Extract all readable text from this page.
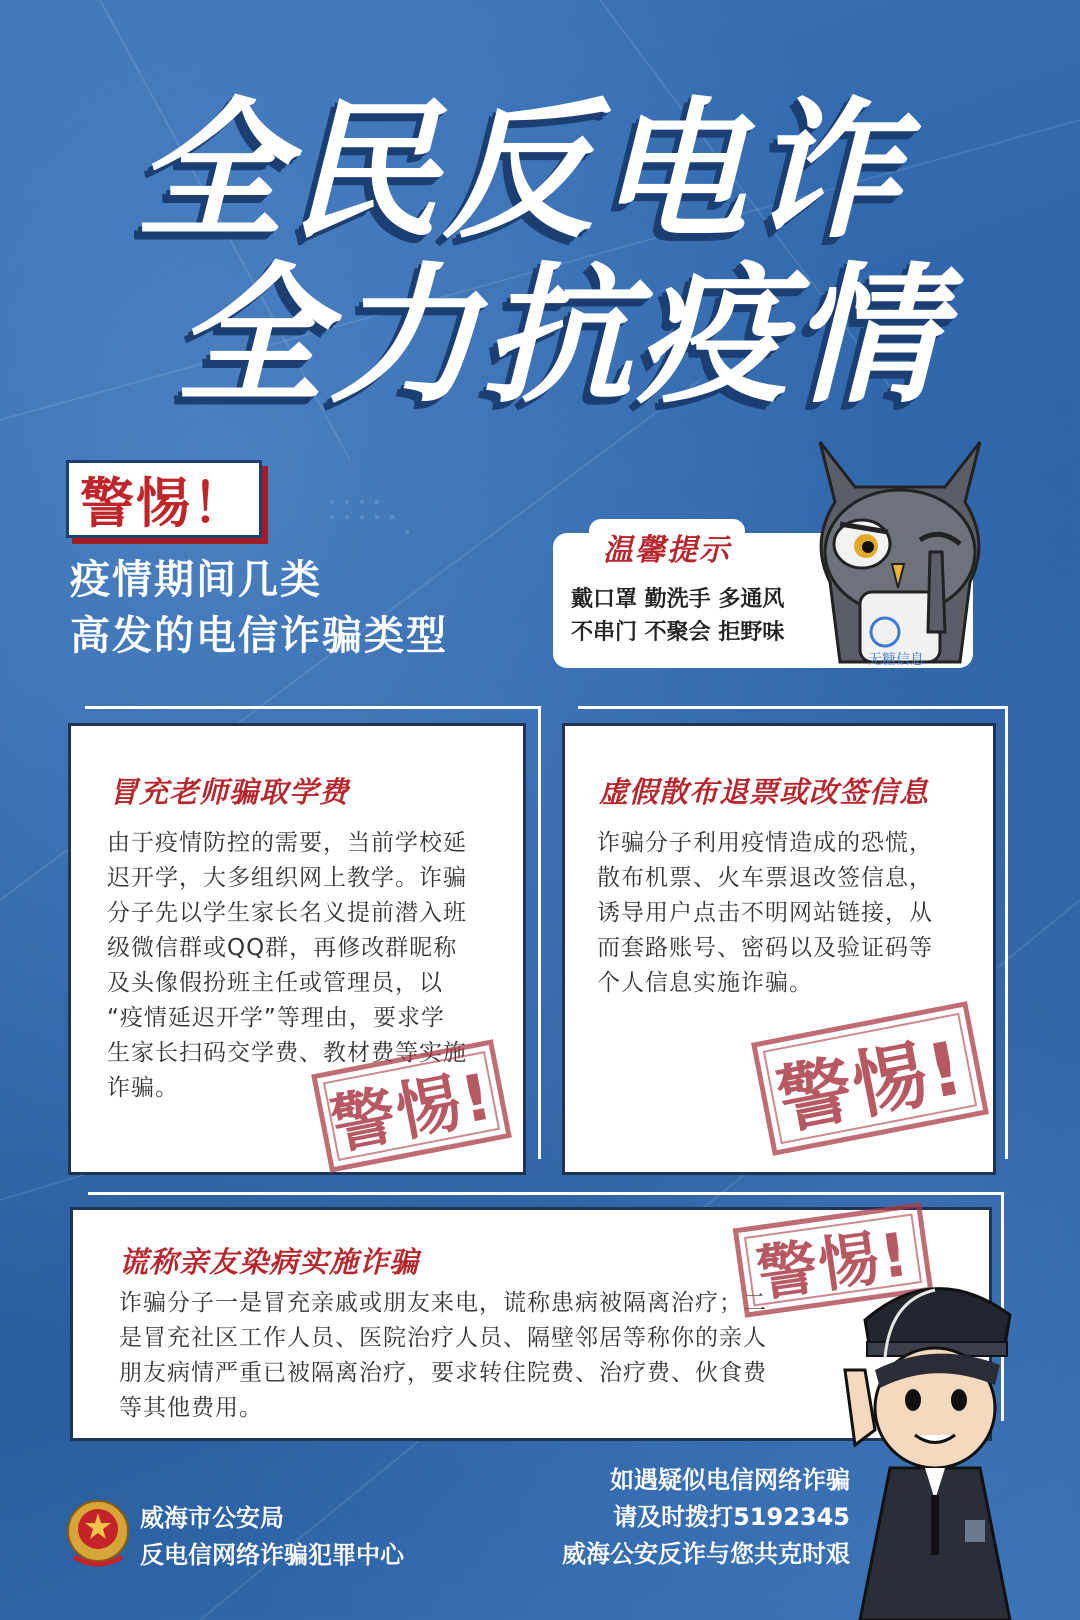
全民反电诈
全力抗疫情
警惕！
疫情期间几类
高发的电信诈骗类型
温馨提示
戴口罩 勤洗手 多通风
不串门 不聚会 拒野味
无糖信息
冒充老师骗取学费
由于疫情防控的需要，当前学校延
迟开学，大多组织网上教学。诈骗
分子先以学生家长名义提前潜入班
级微信群或QQ群，再修改群昵称
及头像假扮班主任或管理员，以
“疫情延迟开学”等理由，要求学
生家长扫码交学费、教材费等实施
诈骗。	警惕!
虚假散布退票或改签信息
诈骗分子利用疫情造成的恐慌，
散布机票、火车票退改签信息，
诱导用户点击不明网站链接，从
而套路账号、密码以及验证码等
个人信息实施诈骗。
警惕!
谎称亲友染病实施诈骗
诈骗分子一是冒充亲戚或朋友来电，谎称患病被隔离治疗；二
是冒充社区工作人员、医院治疗人员、隔壁邻居等称你的亲人
朋友病情严重已被隔离治疗，要求转住院费、治疗费、伙食费
等其他费用。
警惕!
威海市公安局
反电信网络诈骗犯罪中心
如遇疑似电信网络诈骗
请及时拨打5192345
威海公安反诈与您共克时艰
